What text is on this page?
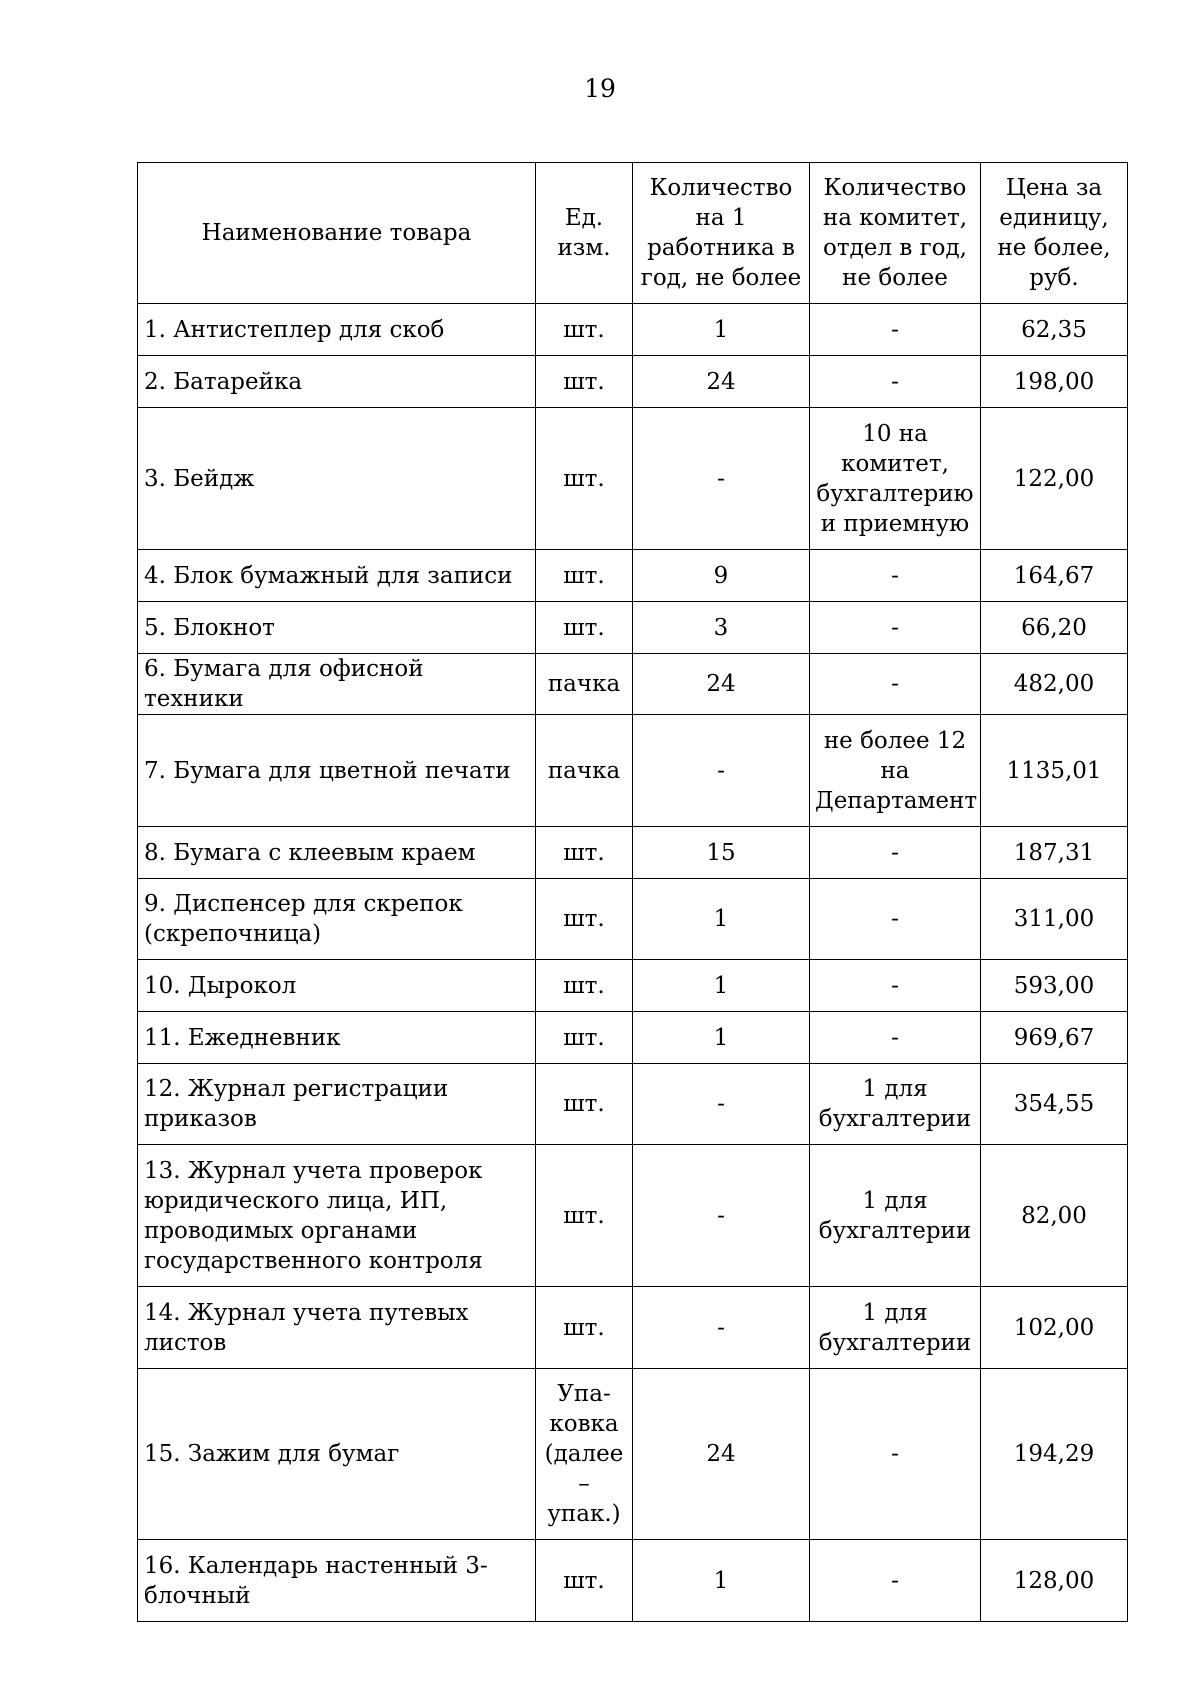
19
Наименование товара	Ед. изм.	Количество на 1 работника в год, не более	Количество на комитет, отдел в год, не более	Цена за единицу, не более, руб.
1. Антистеплер для скоб	шт.	1	-	62,35
2. Батарейка	шт.	24	-	198,00
3. Бейдж	шт.	-	10 на комитет, бухгалтерию и приемную	122,00
4. Блок бумажный для записи	шт.	9	-	164,67
5. Блокнот	шт.	3	-	66,20
6. Бумага для офисной техники	пачка	24	-	482,00
7. Бумага для цветной печати	пачка	-	не более 12 на Департамент	1135,01
8. Бумага с клеевым краем	шт.	15	-	187,31
9. Диспенсер для скрепок (скрепочница)	шт.	1	-	311,00
10. Дырокол	шт.	1	-	593,00
11. Ежедневник	шт.	1	-	969,67
12. Журнал регистрации приказов	шт.	-	1 для бухгалтерии	354,55
13. Журнал учета проверок юридического лица, ИП, проводимых органами государственного контроля	шт.	-	1 для бухгалтерии	82,00
14. Журнал учета путевых листов	шт.	-	1 для бухгалтерии	102,00
15. Зажим для бумаг	Упа-ковка (далее – упак.)	24	-	194,29
16. Календарь настенный 3-блочный	шт.	1	-	128,00
